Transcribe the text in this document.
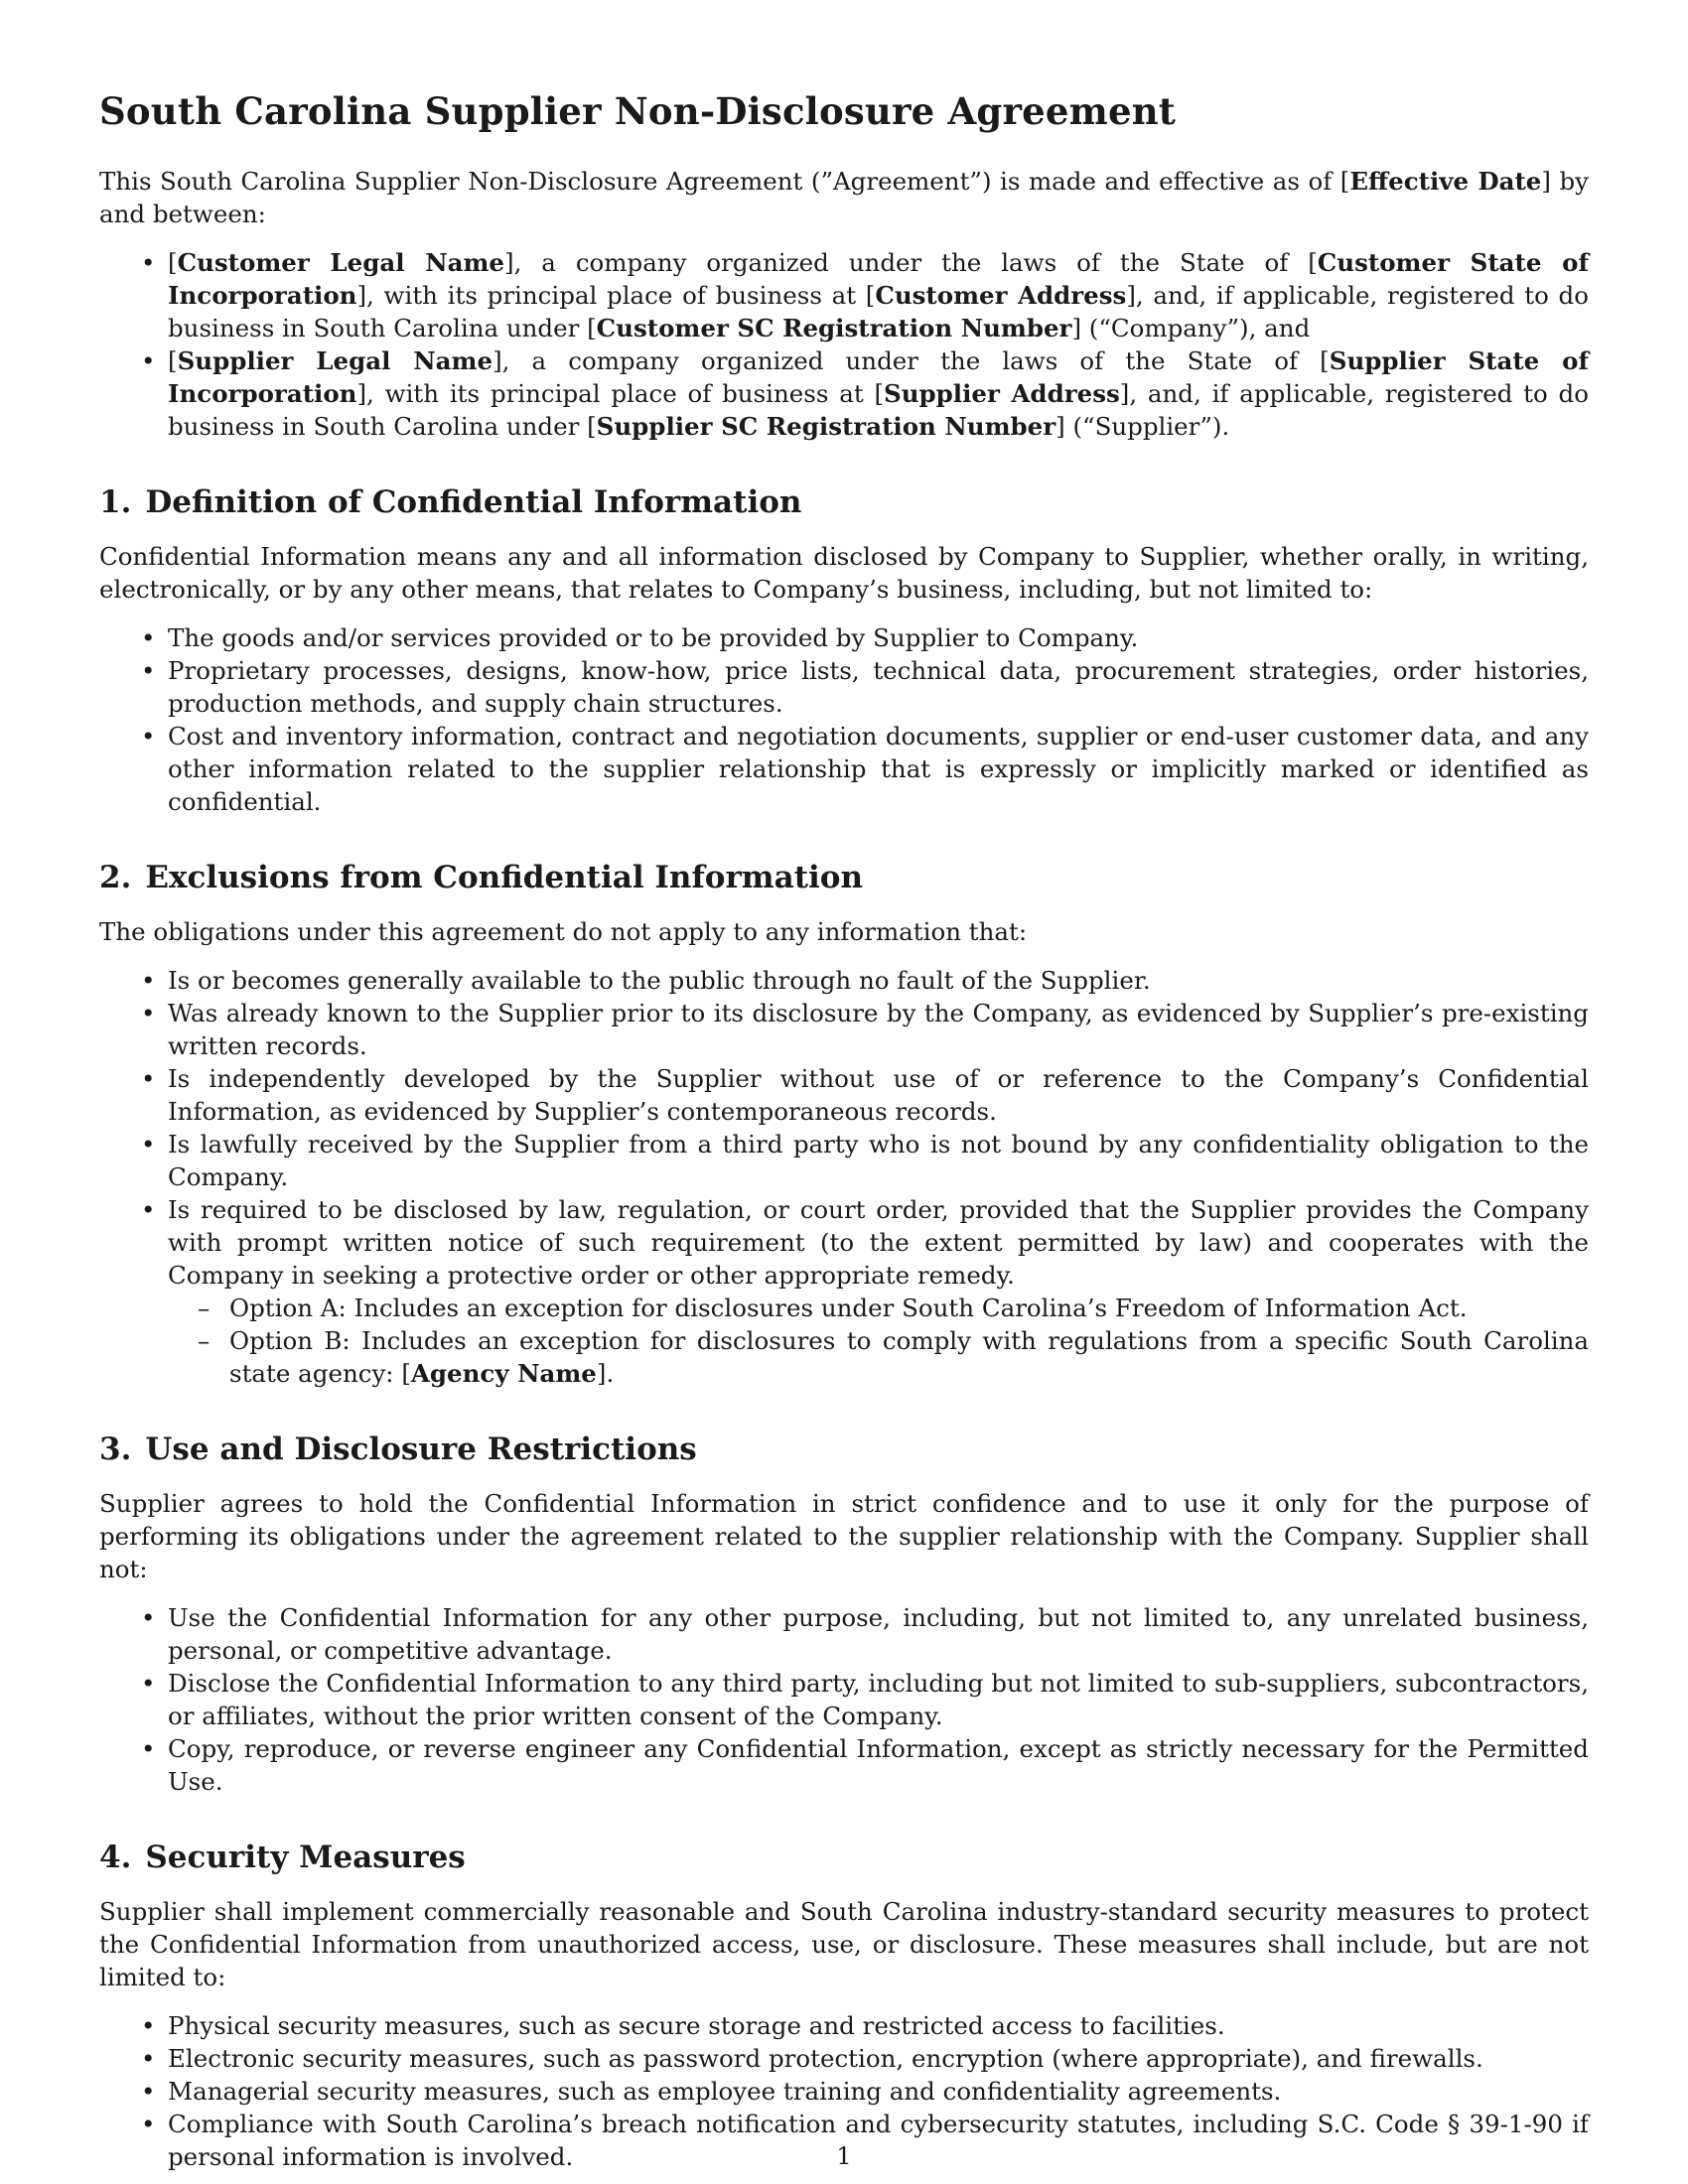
South Carolina Supplier Non-Disclosure Agreement

This South Carolina Supplier Non-Disclosure Agreement (”Agreement”) is made and effective as of [Effective Date] by and between:

• [Customer Legal Name], a company organized under the laws of the State of [Customer State of Incorporation], with its principal place of business at [Customer Address], and, if applicable, registered to do business in South Carolina under [Customer SC Registration Number] (“Company”), and
• [Supplier Legal Name], a company organized under the laws of the State of [Supplier State of Incorporation], with its principal place of business at [Supplier Address], and, if applicable, registered to do business in South Carolina under [Supplier SC Registration Number] (“Supplier”).
1. Definition of Confidential Information

Confidential Information means any and all information disclosed by Company to Supplier, whether orally, in writing, electronically, or by any other means, that relates to Company’s business, including, but not limited to:

• The goods and/or services provided or to be provided by Supplier to Company.
• Proprietary processes, designs, know-how, price lists, technical data, procurement strategies, order histories, production methods, and supply chain structures.
• Cost and inventory information, contract and negotiation documents, supplier or end-user customer data, and any other information related to the supplier relationship that is expressly or implicitly marked or identified as confidential.
2. Exclusions from Confidential Information

The obligations under this agreement do not apply to any information that:

• Is or becomes generally available to the public through no fault of the Supplier.
• Was already known to the Supplier prior to its disclosure by the Company, as evidenced by Supplier’s pre-existing written records.
• Is independently developed by the Supplier without use of or reference to the Company’s Confidential Information, as evidenced by Supplier’s contemporaneous records.
• Is lawfully received by the Supplier from a third party who is not bound by any confidentiality obligation to the Company.
• Is required to be disclosed by law, regulation, or court order, provided that the Supplier provides the Company with prompt written notice of such requirement (to the extent permitted by law) and cooperates with the Company in seeking a protective order or other appropriate remedy.
– Option A: Includes an exception for disclosures under South Carolina’s Freedom of Information Act.
– Option B: Includes an exception for disclosures to comply with regulations from a specific South Carolina state agency: [Agency Name].
3. Use and Disclosure Restrictions

Supplier agrees to hold the Confidential Information in strict confidence and to use it only for the purpose of performing its obligations under the agreement related to the supplier relationship with the Company. Supplier shall not:

• Use the Confidential Information for any other purpose, including, but not limited to, any unrelated business, personal, or competitive advantage.
• Disclose the Confidential Information to any third party, including but not limited to sub-suppliers, subcontractors, or affiliates, without the prior written consent of the Company.
• Copy, reproduce, or reverse engineer any Confidential Information, except as strictly necessary for the Permitted Use.
4. Security Measures

Supplier shall implement commercially reasonable and South Carolina industry-standard security measures to protect the Confidential Information from unauthorized access, use, or disclosure. These measures shall include, but are not limited to:

• Physical security measures, such as secure storage and restricted access to facilities.
• Electronic security measures, such as password protection, encryption (where appropriate), and firewalls.
• Managerial security measures, such as employee training and confidentiality agreements.
• Compliance with South Carolina’s breach notification and cybersecurity statutes, including S.C. Code § 39-1-90 if personal information is involved.	1
